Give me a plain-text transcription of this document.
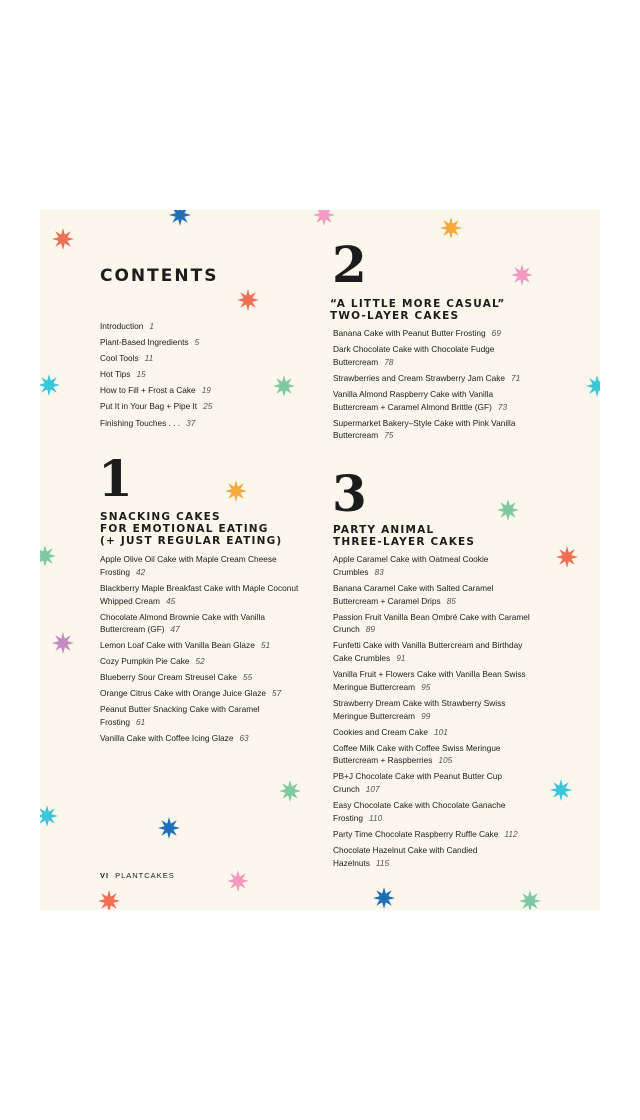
CONTENTS
Introduction 1
Plant-Based Ingredients 5
Cool Tools 11
Hot Tips 15
How to Fill + Frost a Cake 19
Put It in Your Bag + Pipe It 25
Finishing Touches . . . 37
1
SNACKING CAKES
FOR EMOTIONAL EATING
(+ JUST REGULAR EATING)
Apple Olive Oil Cake with Maple Cream Cheese Frosting 42
Blackberry Maple Breakfast Cake with Maple Coconut Whipped Cream 45
Chocolate Almond Brownie Cake with Vanilla Buttercream (GF) 47
Lemon Loaf Cake with Vanilla Bean Glaze 51
Cozy Pumpkin Pie Cake 52
Blueberry Sour Cream Streusel Cake 55
Orange Citrus Cake with Orange Juice Glaze 57
Peanut Butter Snacking Cake with Caramel Frosting 61
Vanilla Cake with Coffee Icing Glaze 63
2
“A LITTLE MORE CASUAL”
TWO-LAYER CAKES
Banana Cake with Peanut Butter Frosting 69
Dark Chocolate Cake with Chocolate Fudge Buttercream 78
Strawberries and Cream Strawberry Jam Cake 71
Vanilla Almond Raspberry Cake with Vanilla Buttercream + Caramel Almond Brittle (GF) 73
Supermarket Bakery–Style Cake with Pink Vanilla Buttercream 75
3
PARTY ANIMAL
THREE-LAYER CAKES
Apple Caramel Cake with Oatmeal Cookie Crumbles 83
Banana Caramel Cake with Salted Caramel Buttercream + Caramel Drips 85
Passion Fruit Vanilla Bean Ombré Cake with Caramel Crunch 89
Funfetti Cake with Vanilla Buttercream and Birthday Cake Crumbles 91
Vanilla Fruit + Flowers Cake with Vanilla Bean Swiss Meringue Buttercream 95
Strawberry Dream Cake with Strawberry Swiss Meringue Buttercream 99
Cookies and Cream Cake 101
Coffee Milk Cake with Coffee Swiss Meringue Buttercream + Raspberries 105
PB+J Chocolate Cake with Peanut Butter Cup Crunch 107
Easy Chocolate Cake with Chocolate Ganache Frosting 110
Party Time Chocolate Raspberry Ruffle Cake 112
Chocolate Hazelnut Cake with Candied Hazelnuts 115
VI PLANTCAKES
